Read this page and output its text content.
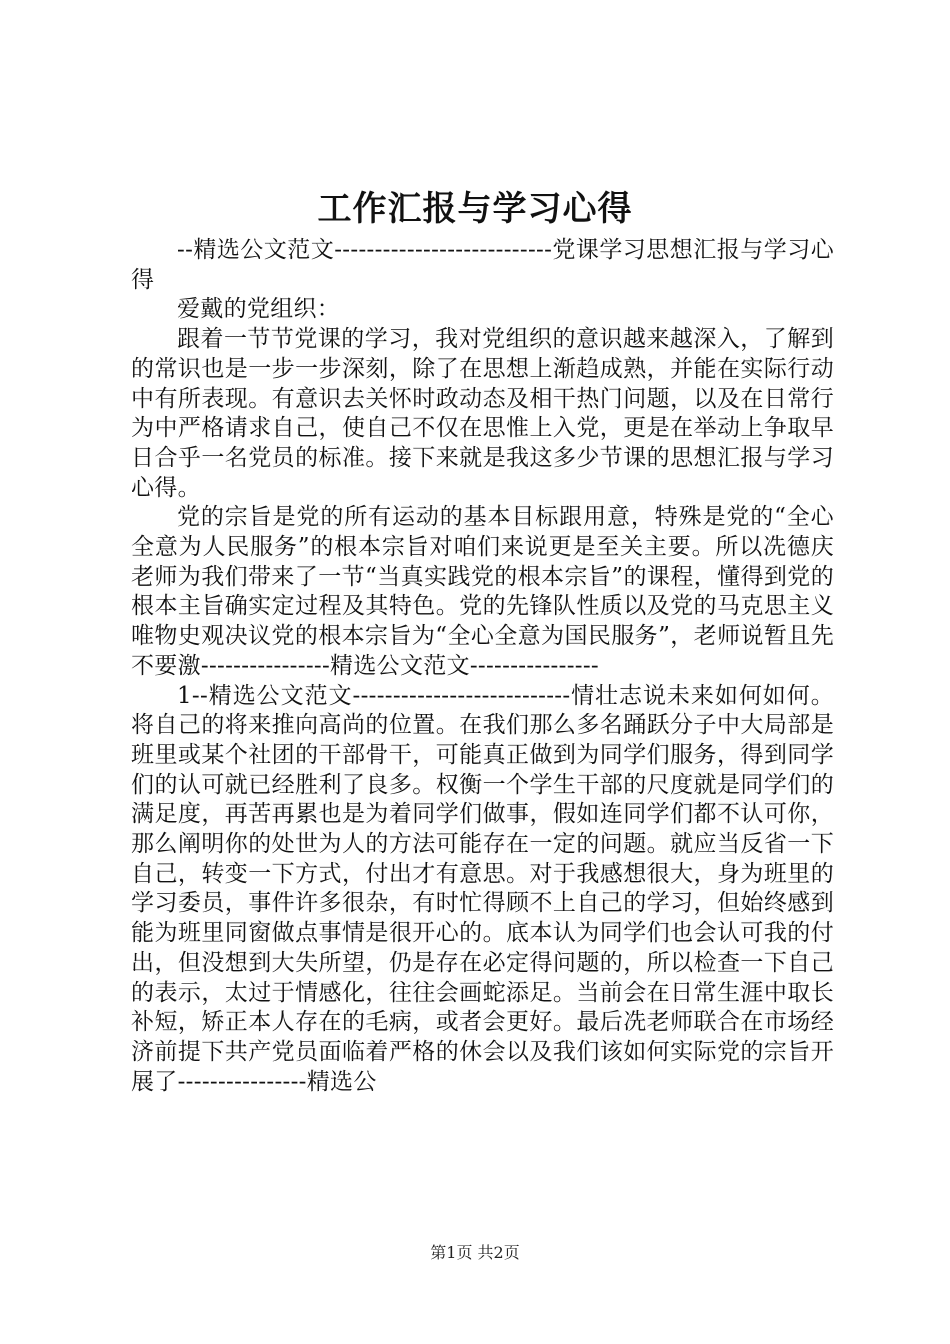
工作汇报与学习心得

--精选公文范文---------------------------党课学习思想汇报与学习心得

爱戴的党组织：

跟着一节节党课的学习，我对党组织的意识越来越深入，了解到的常识也是一步一步深刻，除了在思想上渐趋成熟，并能在实际行动中有所表现。有意识去关怀时政动态及相干热门问题，以及在日常行为中严格请求自己，使自己不仅在思惟上入党，更是在举动上争取早日合乎一名党员的标准。接下来就是我这多少节课的思想汇报与学习心得。

党的宗旨是党的所有运动的基本目标跟用意，特殊是党的“全心全意为人民服务”的根本宗旨对咱们来说更是至关主要。所以冼德庆老师为我们带来了一节“当真实践党的根本宗旨”的课程，懂得到党的根本主旨确实定过程及其特色。党的先锋队性质以及党的马克思主义唯物史观决议党的根本宗旨为“全心全意为国民服务”，老师说暂且先不要激----------------精选公文范文----------------

1--精选公文范文---------------------------情壮志说未来如何如何。将自己的将来推向高尚的位置。在我们那么多名踊跃分子中大局部是班里或某个社团的干部骨干，可能真正做到为同学们服务，得到同学们的认可就已经胜利了良多。权衡一个学生干部的尺度就是同学们的满足度，再苦再累也是为着同学们做事，假如连同学们都不认可你，那么阐明你的处世为人的方法可能存在一定的问题。就应当反省一下自己，转变一下方式，付出才有意思。对于我感想很大，身为班里的学习委员，事件许多很杂，有时忙得顾不上自己的学习，但始终感到能为班里同窗做点事情是很开心的。底本认为同学们也会认可我的付出，但没想到大失所望，仍是存在必定得问题的，所以检查一下自己的表示，太过于情感化，往往会画蛇添足。当前会在日常生涯中取长补短，矫正本人存在的毛病，或者会更好。最后冼老师联合在市场经济前提下共产党员面临着严格的休会以及我们该如何实际党的宗旨开展了----------------精选公

第1页 共2页
